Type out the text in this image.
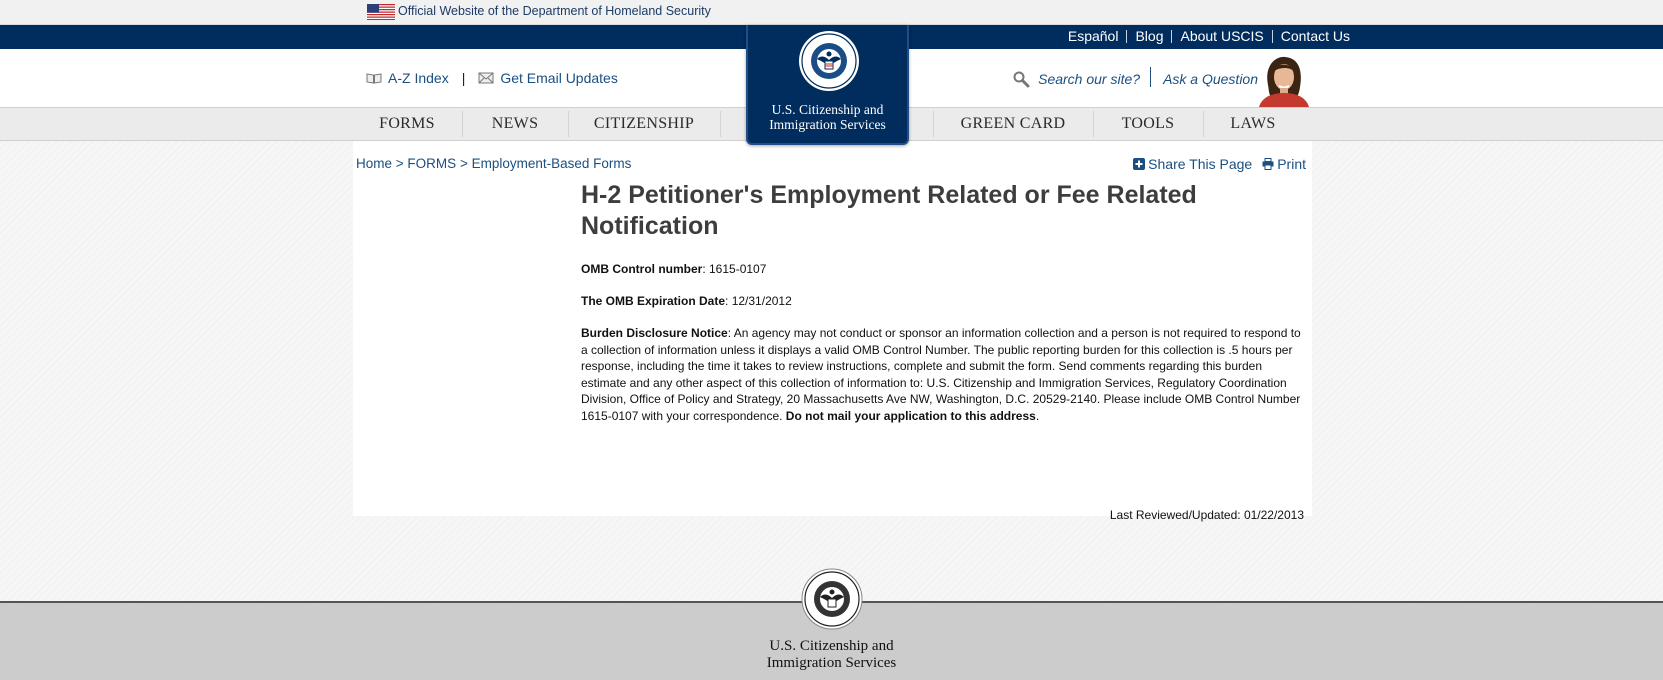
Official Website of the Department of Homeland Security
Español	Blog	About USCIS	Contact Us
A-Z Index |	Get Email Updates	Search our site? Ask a Question
FORMS	NEWS	CITIZENSHIP	GREEN CARD	TOOLS	LAWS
U.S. Citizenship and
Immigration Services
Home > FORMS > Employment-Based Forms	Share This Page Print
H-2 Petitioner's Employment Related or Fee Related Notification

OMB Control number: 1615-0107

The OMB Expiration Date: 12/31/2012

Burden Disclosure Notice: An agency may not conduct or sponsor an information collection and a person is not required to respond to a collection of information unless it displays a valid OMB Control Number. The public reporting burden for this collection is .5 hours per response, including the time it takes to review instructions, complete and submit the form. Send comments regarding this burden estimate and any other aspect of this collection of information to: U.S. Citizenship and Immigration Services, Regulatory Coordination Division, Office of Policy and Strategy, 20 Massachusetts Ave NW, Washington, D.C. 20529-2140. Please include OMB Control Number 1615-0107 with your correspondence. Do not mail your application to this address.

Last Reviewed/Updated: 01/22/2013
U.S. Citizenship and
Immigration Services
